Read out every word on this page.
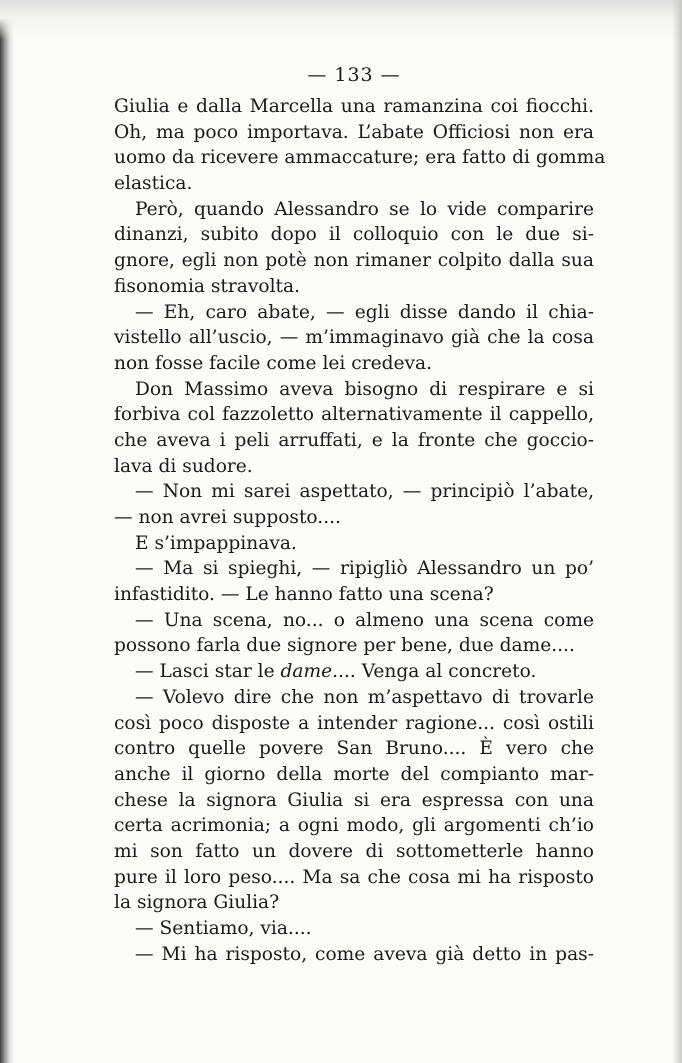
— 133 —
Giulia e dalla Marcella una ramanzina coi fiocchi.
Oh, ma poco importava. L’abate Officiosi non era
uomo da ricevere ammaccature; era fatto di gomma
elastica.
Però, quando Alessandro se lo vide comparire
dinanzi, subito dopo il colloquio con le due si-
gnore, egli non potè non rimaner colpito dalla sua
fisonomia stravolta.
— Eh, caro abate, — egli disse dando il chia-
vistello all’uscio, — m’immaginavo già che la cosa
non fosse facile come lei credeva.
Don Massimo aveva bisogno di respirare e si
forbiva col fazzoletto alternativamente il cappello,
che aveva i peli arruffati, e la fronte che goccio-
lava di sudore.
— Non mi sarei aspettato, — principiò l’abate,
— non avrei supposto....
E s’impappinava.
— Ma si spieghi, — ripigliò Alessandro un po’
infastidito. — Le hanno fatto una scena?
— Una scena, no... o almeno una scena come
possono farla due signore per bene, due dame....
— Lasci star le dame.... Venga al concreto.
— Volevo dire che non m’aspettavo di trovarle
così poco disposte a intender ragione... così ostili
contro quelle povere San Bruno.... È vero che
anche il giorno della morte del compianto mar-
chese la signora Giulia si era espressa con una
certa acrimonia; a ogni modo, gli argomenti ch’io
mi son fatto un dovere di sottometterle hanno
pure il loro peso.... Ma sa che cosa mi ha risposto
la signora Giulia?
— Sentiamo, via....
— Mi ha risposto, come aveva già detto in pas-
